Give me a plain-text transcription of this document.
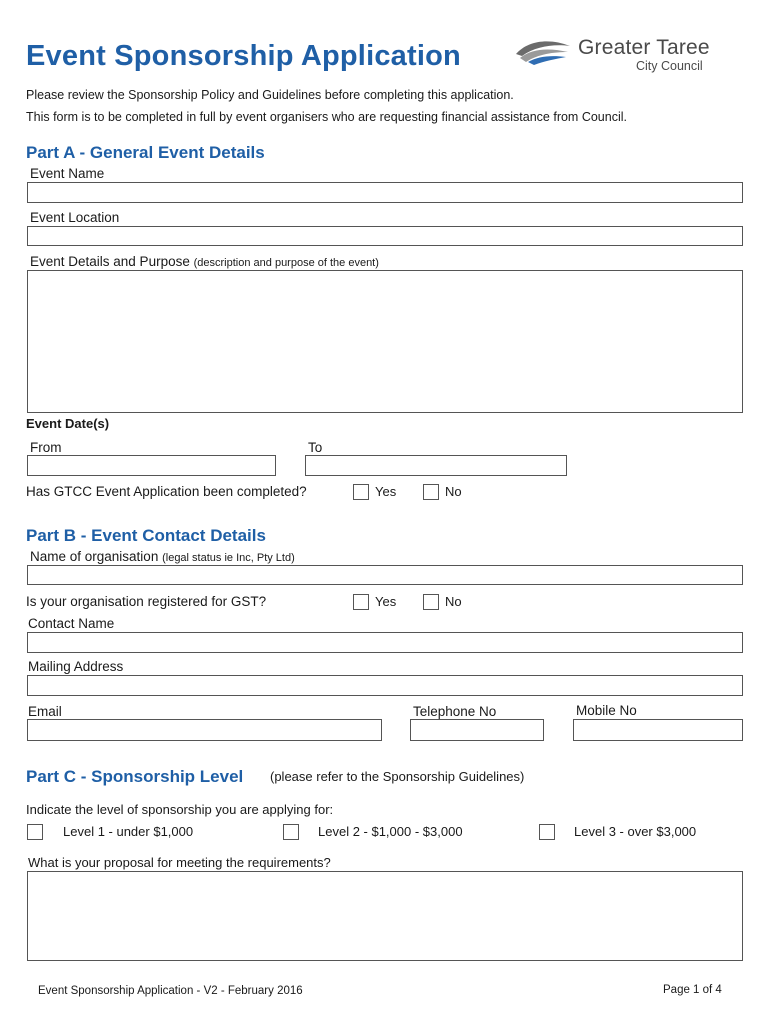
Event Sponsorship Application	Greater Taree
City Council
Please review the Sponsorship Policy and Guidelines before completing this application.
This form is to be completed in full by event organisers who are requesting financial assistance from Council.
Part A - General Event Details
Event Name
Event Location
Event Details and Purpose (description and purpose of the event)
Event Date(s)
From	To
Has GTCC Event Application been completed?	Yes	No
Part B - Event Contact Details
Name of organisation (legal status ie Inc, Pty Ltd)
Is your organisation registered for GST?	Yes	No
Contact Name
Mailing Address
Email	Telephone No	Mobile No
Part C - Sponsorship Level (please refer to the Sponsorship Guidelines)
Indicate the level of sponsorship you are applying for:
Level 1 - under $1,000	Level 2 - $1,000 - $3,000	Level 3 - over $3,000
What is your proposal for meeting the requirements?
Event Sponsorship Application - V2 - February 2016	Page 1 of 4
